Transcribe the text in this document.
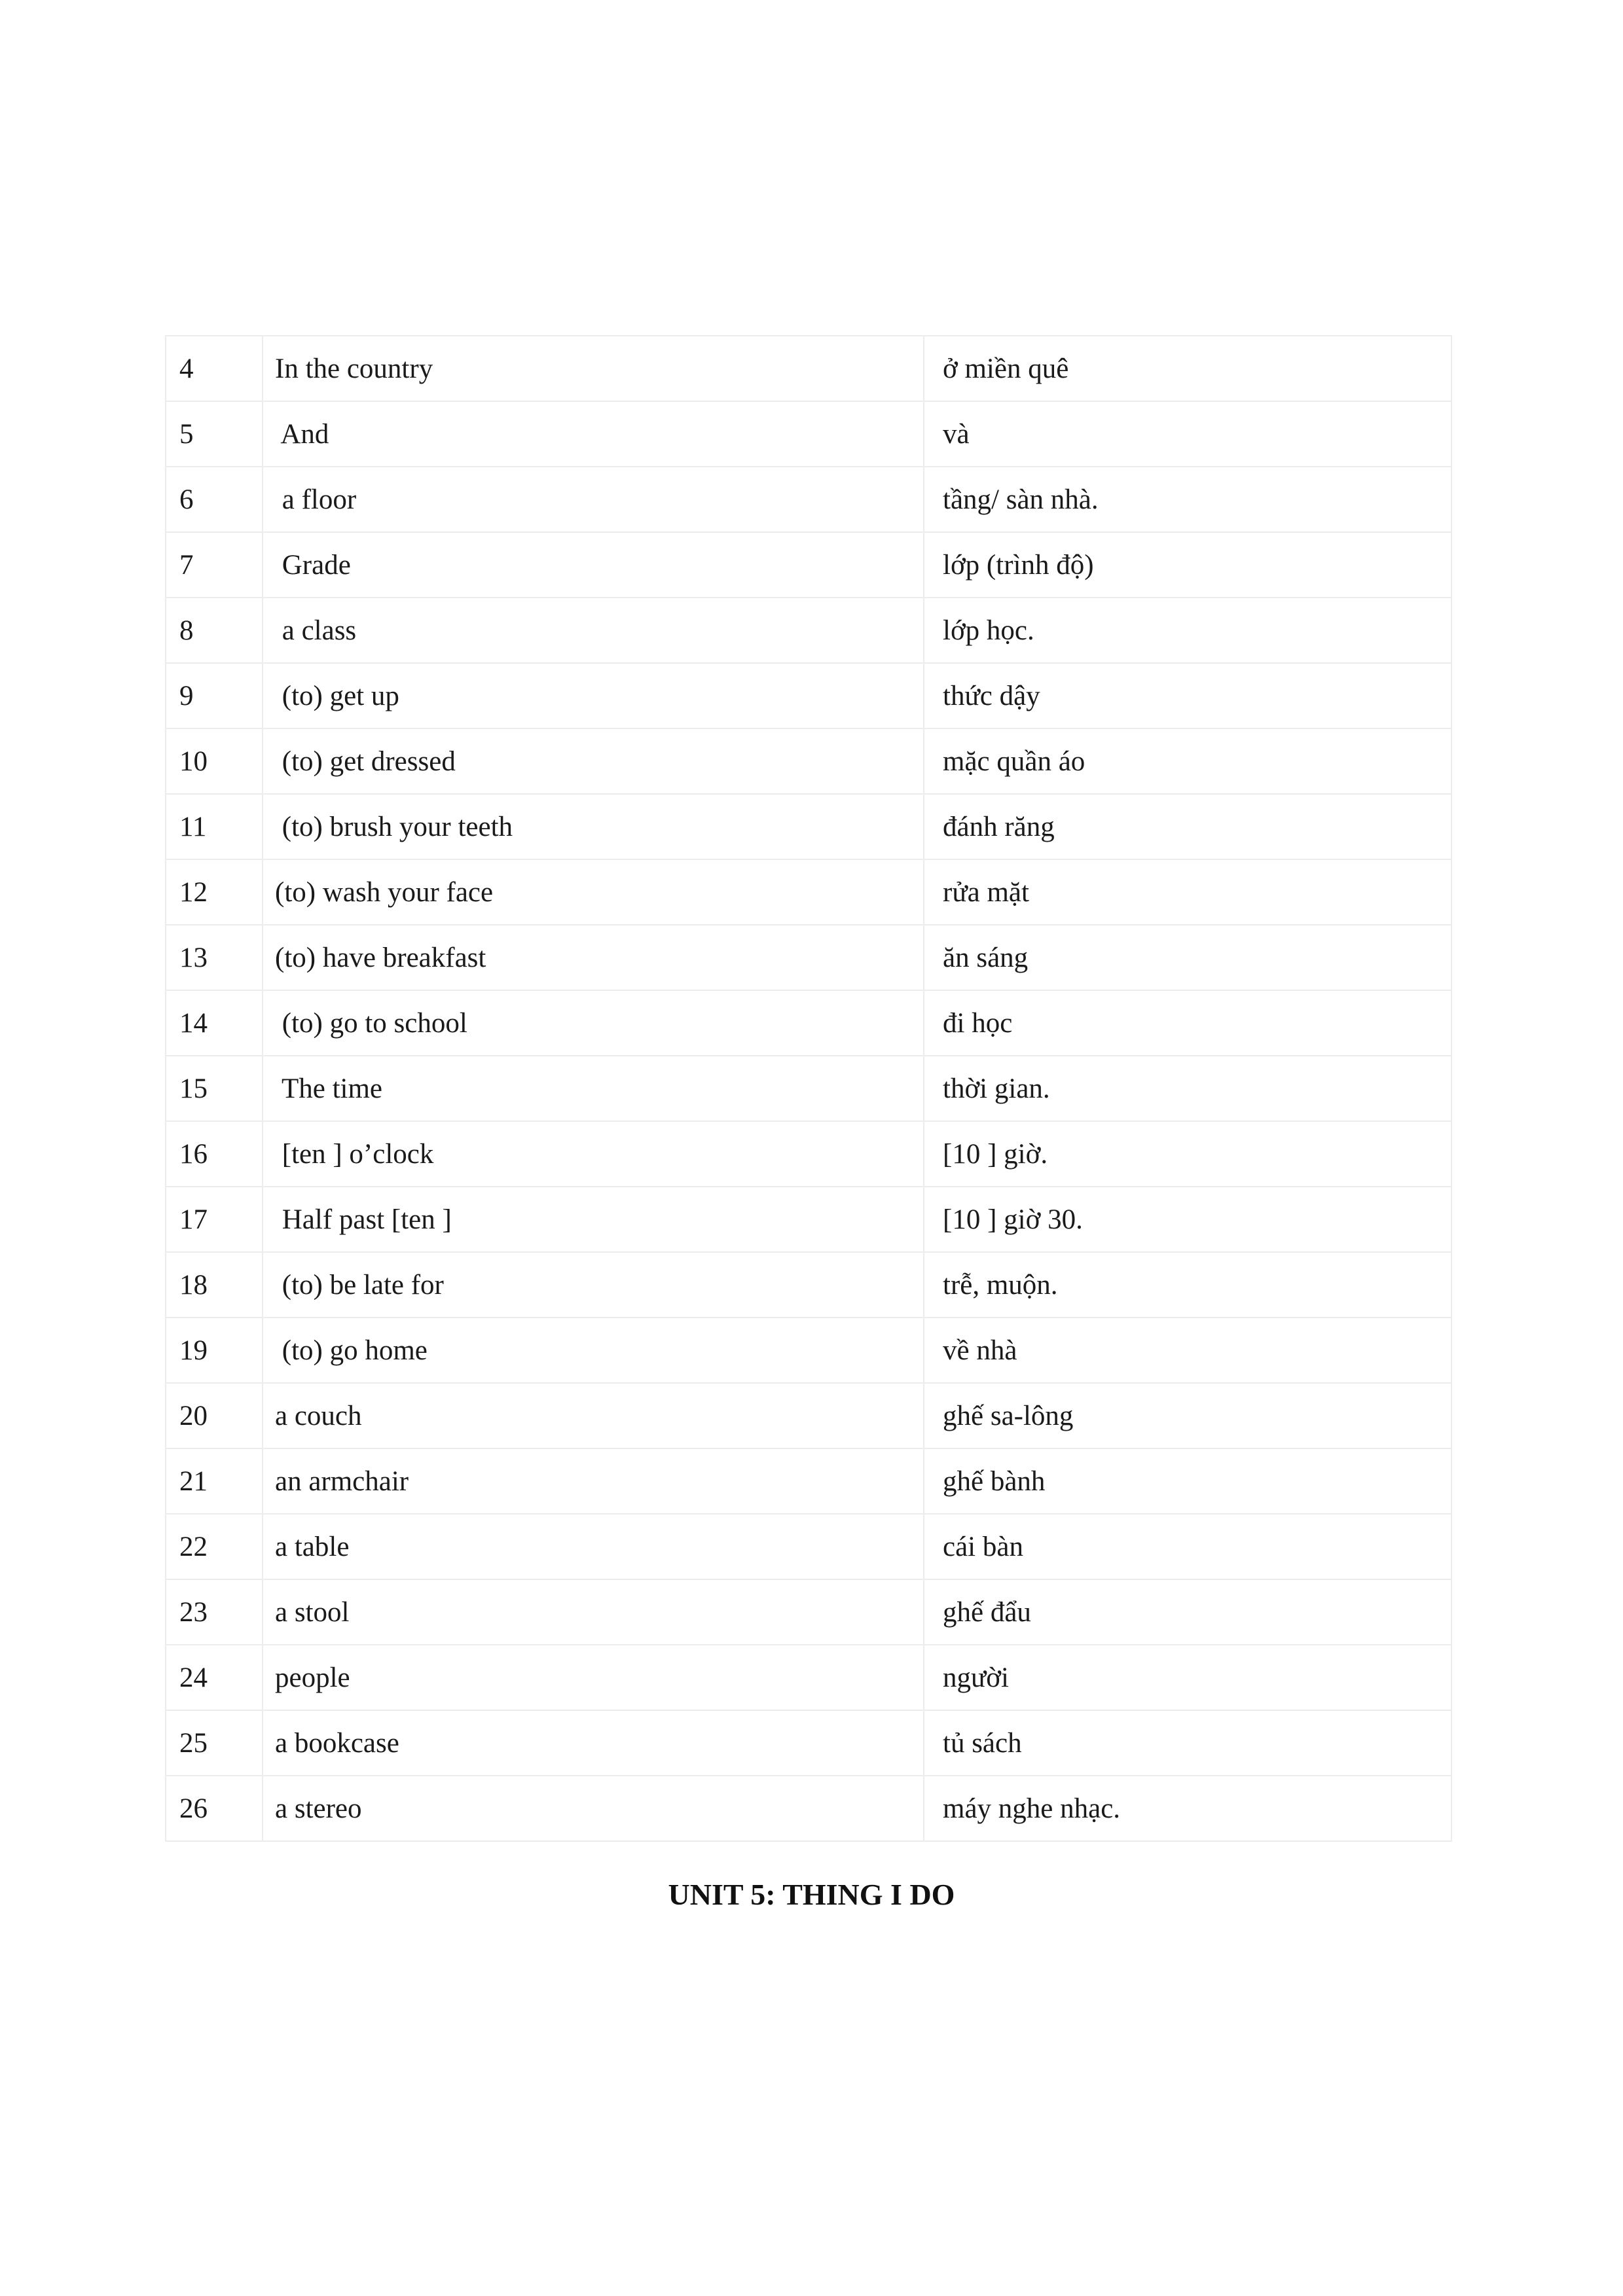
4	In the country	ở miền quê
5	And	và
6	a floor	tầng/ sàn nhà.
7	Grade	lớp (trình độ)
8	a class	lớp học.
9	(to) get up	thức dậy
10	(to) get dressed	mặc quần áo
11	(to) brush your teeth	đánh răng
12	(to) wash your face	rửa mặt
13	(to) have breakfast	ăn sáng
14	(to) go to school	đi học
15	The time	thời gian.
16	[ten ] o’clock	[10 ] giờ.
17	Half past [ten ]	[10 ] giờ 30.
18	(to) be late for	trễ, muộn.
19	(to) go home	về nhà
20	a couch	ghế sa-lông
21	an armchair	ghế bành
22	a table	cái bàn
23	a stool	ghế đẩu
24	people	người
25	a bookcase	tủ sách
26	a stereo	máy nghe nhạc.
UNIT 5: THING I DO
